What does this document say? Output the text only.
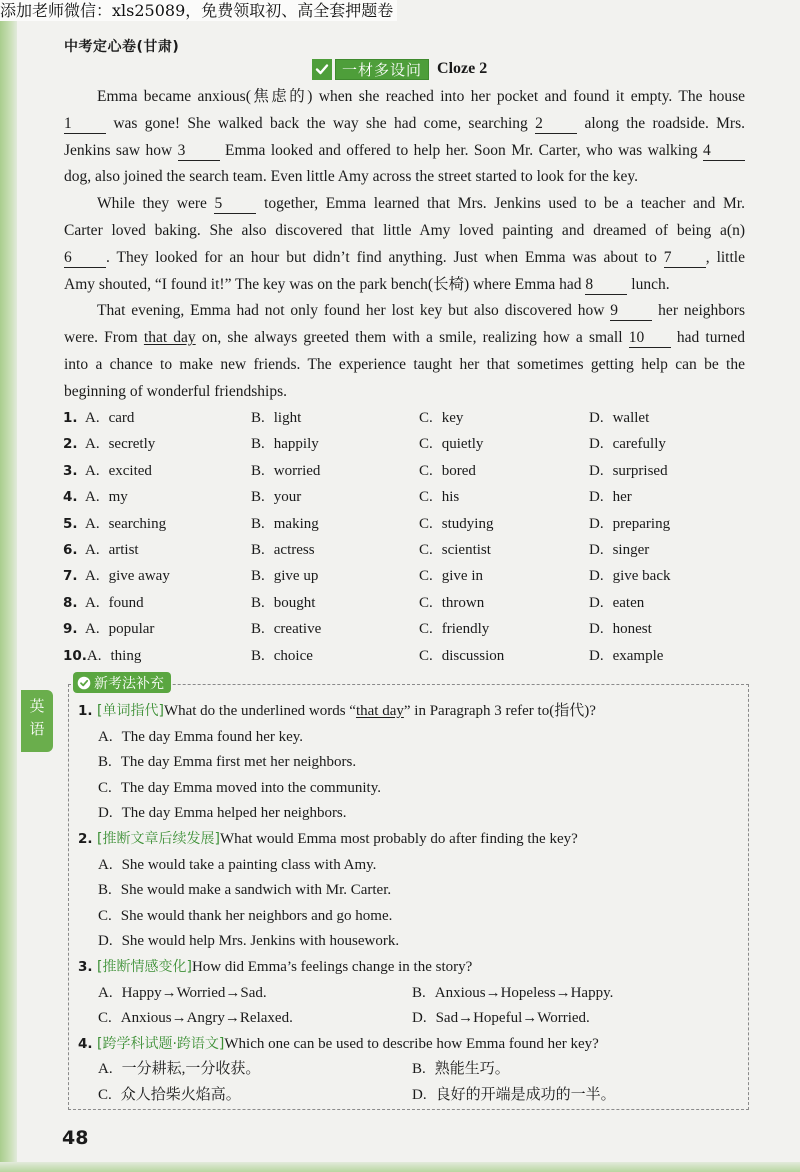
添加老师微信：xls25089，免费领取初、高全套押题卷
中考定心卷(甘肃)
一材多设问 Cloze 2
Emma became anxious(焦虑的) when she reached into her pocket and found it empty. The house
1 was gone! She walked back the way she had come, searching 2 along the roadside. Mrs.
Jenkins saw how 3 Emma looked and offered to help her. Soon Mr. Carter, who was walking 4
dog, also joined the search team. Even little Amy across the street started to look for the key.
While they were 5 together, Emma learned that Mrs. Jenkins used to be a teacher and Mr.
Carter loved baking. She also discovered that little Amy loved painting and dreamed of being a(n)
6 . They looked for an hour but didn’t find anything. Just when Emma was about to 7 , little
Amy shouted, “I found it!” The key was on the park bench(长椅) where Emma had 8 lunch.
That evening, Emma had not only found her lost key but also discovered how 9 her neighbors
were. From that day on, she always greeted them with a smile, realizing how a small 10 had turned
into a chance to make new friends. The experience taught her that sometimes getting help can be the
beginning of wonderful friendships.
1. A. card	B. light	C. key	D. wallet
2. A. secretly	B. happily	C. quietly	D. carefully
3. A. excited	B. worried	C. bored	D. surprised
4. A. my	B. your	C. his	D. her
5. A. searching	B. making	C. studying	D. preparing
6. A. artist	B. actress	C. scientist	D. singer
7. A. give away	B. give up	C. give in	D. give back
8. A. found	B. bought	C. thrown	D. eaten
9. A. popular	B. creative	C. friendly	D. honest
10.A. thing	B. choice	C. discussion	D. example
新考法补充
1. [单词指代]What do the underlined words “that day” in Paragraph 3 refer to(指代)?
A. The day Emma found her key.
B. The day Emma first met her neighbors.
C. The day Emma moved into the community.
D. The day Emma helped her neighbors.
2. [推断文章后续发展]What would Emma most probably do after finding the key?
A. She would take a painting class with Amy.
B. She would make a sandwich with Mr. Carter.
C. She would thank her neighbors and go home.
D. She would help Mrs. Jenkins with housework.
3. [推断情感变化]How did Emma’s feelings change in the story?
A. Happy→Worried→Sad.	B. Anxious→Hopeless→Happy.
C. Anxious→Angry→Relaxed.	D. Sad→Hopeful→Worried.
4. [跨学科试题·跨语文]Which one can be used to describe how Emma found her key?
A. 一分耕耘,一分收获。	B. 熟能生巧。
C. 众人拾柴火焰高。	D. 良好的开端是成功的一半。
英语
48
